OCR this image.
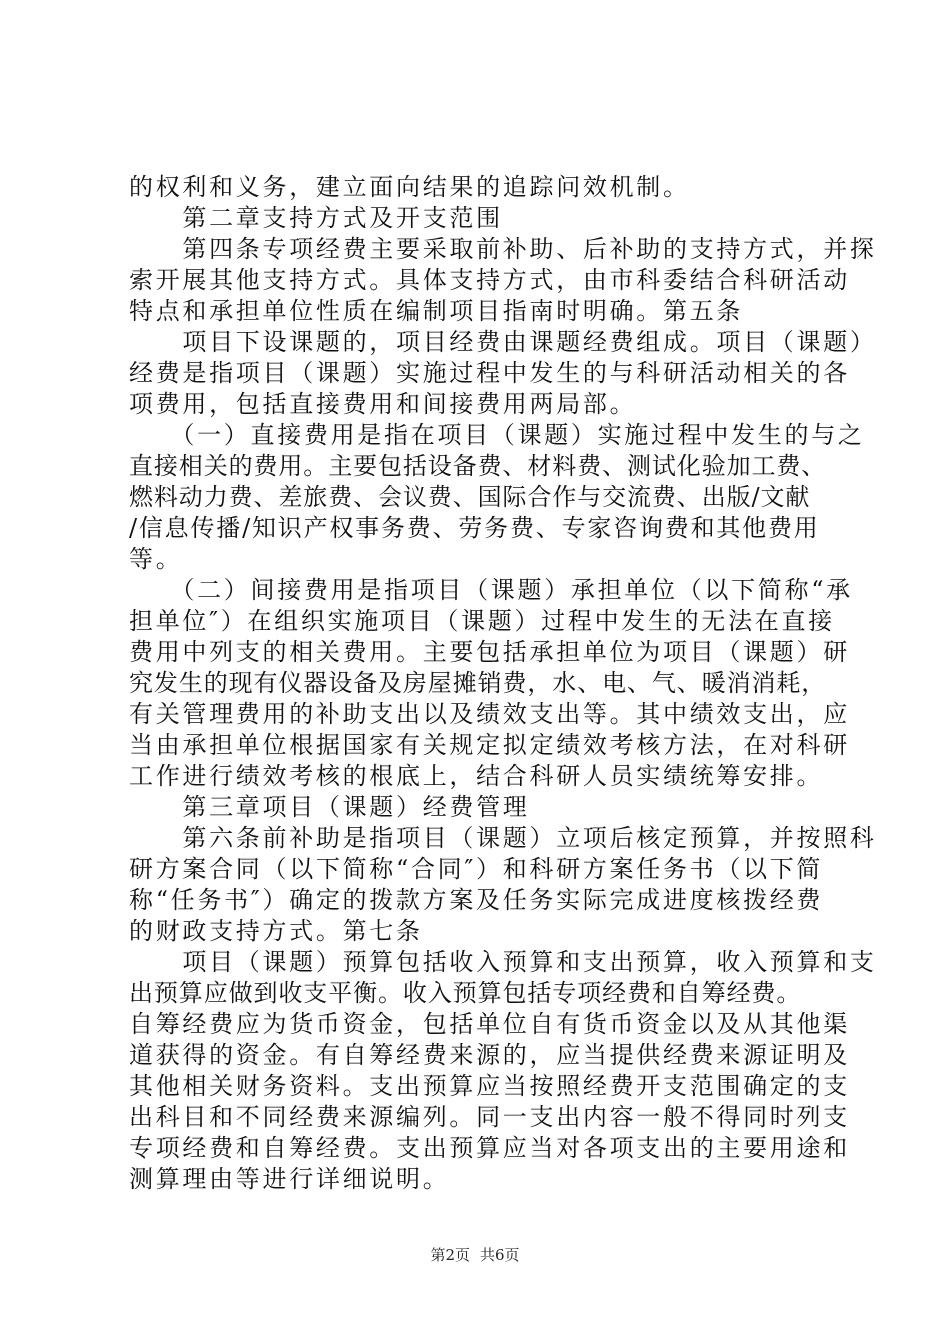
的权利和义务，建立面向结果的追踪问效机制。
　　第二章支持方式及开支范围
　　第四条专项经费主要采取前补助、后补助的支持方式，并探
索开展其他支持方式。具体支持方式，由市科委结合科研活动
特点和承担单位性质在编制项目指南时明确。第五条
　　项目下设课题的，项目经费由课题经费组成。项目（课题）
经费是指项目（课题）实施过程中发生的与科研活动相关的各
项费用，包括直接费用和间接费用两局部。
　　（一）直接费用是指在项目（课题）实施过程中发生的与之
直接相关的费用。主要包括设备费、材料费、测试化验加工费、
燃料动力费、差旅费、会议费、国际合作与交流费、出版/文献
/信息传播/知识产权事务费、劳务费、专家咨询费和其他费用
等。
　　（二）间接费用是指项目（课题）承担单位（以下简称“承
担单位″）在组织实施项目（课题）过程中发生的无法在直接
费用中列支的相关费用。主要包括承担单位为项目（课题）研
究发生的现有仪器设备及房屋摊销费，水、电、气、暖消消耗，
有关管理费用的补助支出以及绩效支出等。其中绩效支出，应
当由承担单位根据国家有关规定拟定绩效考核方法，在对科研
工作进行绩效考核的根底上，结合科研人员实绩统筹安排。
　　第三章项目（课题）经费管理
　　第六条前补助是指项目（课题）立项后核定预算，并按照科
研方案合同（以下简称“合同″）和科研方案任务书（以下简
称“任务书″）确定的拨款方案及任务实际完成进度核拨经费
的财政支持方式。第七条
　　项目（课题）预算包括收入预算和支出预算，收入预算和支
出预算应做到收支平衡。收入预算包括专项经费和自筹经费。
自筹经费应为货币资金，包括单位自有货币资金以及从其他渠
道获得的资金。有自筹经费来源的，应当提供经费来源证明及
其他相关财务资料。支出预算应当按照经费开支范围确定的支
出科目和不同经费来源编列。同一支出内容一般不得同时列支
专项经费和自筹经费。支出预算应当对各项支出的主要用途和
测算理由等进行详细说明。
第2页 共6页
